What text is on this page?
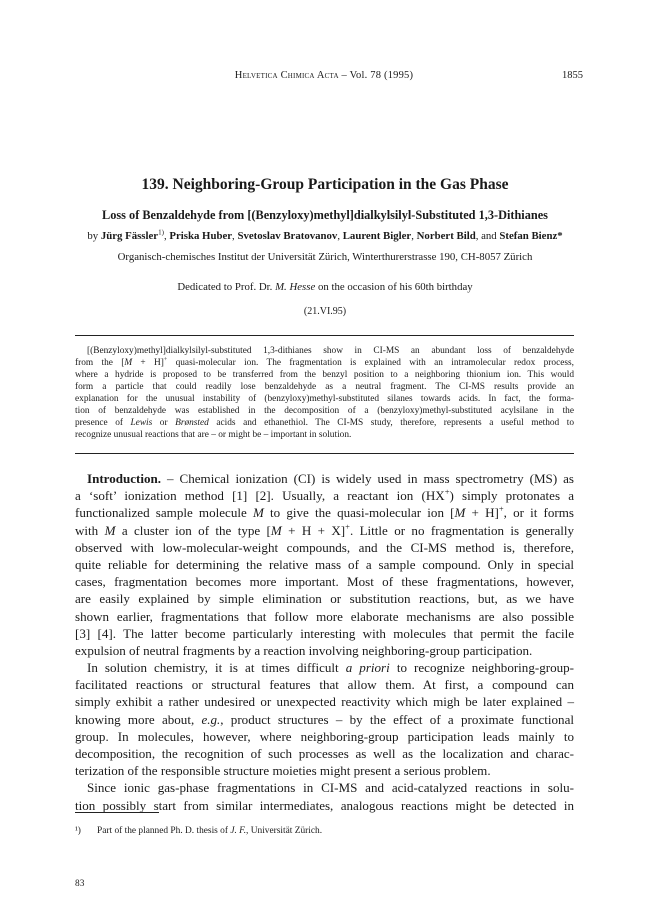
Helvetica Chimica Acta – Vol. 78 (1995)	1855
139. Neighboring-Group Participation in the Gas Phase
Loss of Benzaldehyde from [(Benzyloxy)methyl]dialkylsilyl-Substituted 1,3-Dithianes
by Jürg Fässler$^{1)}$, Priska Huber, Svetoslav Bratovanov, Laurent Bigler, Norbert Bild, and Stefan Bienz*
Organisch-chemisches Institut der Universität Zürich, Winterthurerstrasse 190, CH-8057 Zürich
Dedicated to Prof. Dr. M. Hesse on the occasion of his 60th birthday
(21.VI.95)
[(Benzyloxy)methyl]dialkylsilyl-substituted 1,3-dithianes show in CI-MS an abundant loss of benzaldehyde
from the [M + H]+ quasi-molecular ion. The fragmentation is explained with an intramolecular redox process,
where a hydride is proposed to be transferred from the benzyl position to a neighboring thionium ion. This would
form a particle that could readily lose benzaldehyde as a neutral fragment. The CI-MS results provide an
explanation for the unusual instability of (benzyloxy)methyl-substituted silanes towards acids. In fact, the forma-
tion of benzaldehyde was established in the decomposition of a (benzyloxy)methyl-substituted acylsilane in the
presence of Lewis or Brønsted acids and ethanethiol. The CI-MS study, therefore, represents a useful method to
recognize unusual reactions that are – or might be – important in solution.
Introduction. – Chemical ionization (CI) is widely used in mass spectrometry (MS) as
a ‘soft’ ionization method [1] [2]. Usually, a reactant ion (HX+) simply protonates a
functionalized sample molecule M to give the quasi-molecular ion [M + H]+, or it forms
with M a cluster ion of the type [M + H + X]+. Little or no fragmentation is generally
observed with low-molecular-weight compounds, and the CI-MS method is, therefore,
quite reliable for determining the relative mass of a sample compound. Only in special
cases, fragmentation becomes more important. Most of these fragmentations, however,
are easily explained by simple elimination or substitution reactions, but, as we have
shown earlier, fragmentations that follow more elaborate mechanisms are also possible
[3] [4]. The latter become particularly interesting with molecules that permit the facile
expulsion of neutral fragments by a reaction involving neighboring-group participation.
In solution chemistry, it is at times difficult a priori to recognize neighboring-group-
facilitated reactions or structural features that allow them. At first, a compound can
simply exhibit a rather undesired or unexpected reactivity which migh be later explained –
knowing more about, e.g., product structures – by the effect of a proximate functional
group. In molecules, however, where neighboring-group participation leads mainly to
decomposition, the recognition of such processes as well as the localization and charac-
terization of the responsible structure moieties might present a serious problem.
Since ionic gas-phase fragmentations in CI-MS and acid-catalyzed reactions in solu-
tion possibly start from similar intermediates, analogous reactions might be detected in
¹) Part of the planned Ph. D. thesis of J. F., Universität Zürich.
83
